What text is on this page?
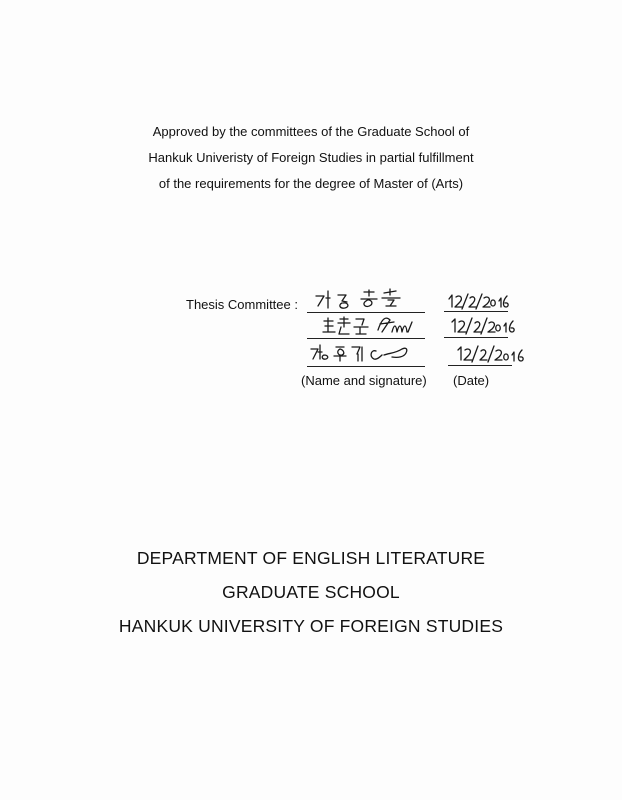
Approved by the committees of the Graduate School of
Hankuk Univeristy of Foreign Studies in partial fulfillment
of the requirements for the degree of Master of (Arts)
Thesis Committee :
(Name and signature) (Date)
DEPARTMENT OF ENGLISH LITERATURE
GRADUATE SCHOOL
HANKUK UNIVERSITY OF FOREIGN STUDIES
